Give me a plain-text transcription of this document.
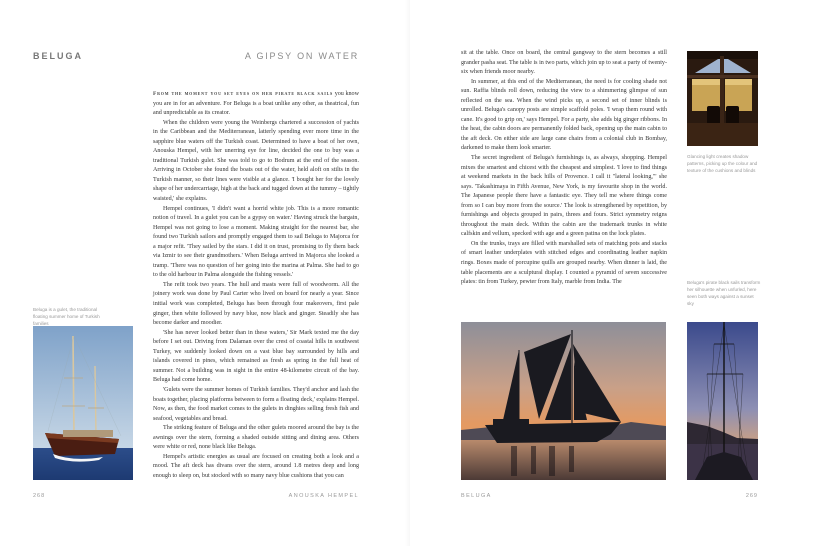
BELUGA	A GIPSY ON WATER
Beluga is a gulet, the traditional floating summer home of Turkish families

From the moment you set eyes on her pirate black sails you know you are in for an adventure. For Beluga is a boat unlike any other, as theatrical, fun and unpredictable as its creator.

When the children were young the Weinbergs chartered a succession of yachts in the Caribbean and the Mediterranean, latterly spending ever more time in the sapphire blue waters off the Turkish coast. Determined to have a boat of her own, Anouska Hempel, with her unerring eye for line, decided the one to buy was a traditional Turkish gulet. She was told to go to Bodrum at the end of the season. Arriving in October she found the boats out of the water, held aloft on stilts in the Turkish manner, so their lines were visible at a glance. 'I bought her for the lovely shape of her undercarriage, high at the back and tugged down at the tummy – tightly waisted,' she explains.

Hempel continues, 'I didn't want a horrid white job. This is a more romantic notion of travel. In a gulet you can be a gypsy on water.' Having struck the bargain, Hempel was not going to lose a moment. Making straight for the nearest bar, she found two Turkish sailors and promptly engaged them to sail Beluga to Majorca for a major refit. 'They sailed by the stars. I did it on trust, promising to fly them back via Izmir to see their grandmothers.' When Beluga arrived in Majorca she looked a tramp. 'There was no question of her going into the marina at Palma. She had to go to the old harbour in Palma alongside the fishing vessels.'

The refit took two years. The hull and masts were full of woodworm. All the joinery work was done by Paul Carter who lived on board for nearly a year. Since initial work was completed, Beluga has been through four makeovers, first pale ginger, then white followed by navy blue, now black and ginger. Steadily she has become darker and moodier.

'She has never looked better than in these waters,' Sir Mark texted me the day before I set out. Driving from Dalaman over the crest of coastal hills in southwest Turkey, we suddenly looked down on a vast blue bay surrounded by hills and islands covered in pines, which remained as fresh as spring in the full heat of summer. Not a building was in sight in the entire 48-kilometre circuit of the bay. Beluga had come home.

'Gulets were the summer homes of Turkish families. They'd anchor and lash the boats together, placing platforms between to form a floating deck,' explains Hempel. Now, as then, the food market comes to the gulets in dinghies selling fresh fish and seafood, vegetables and bread.

The striking feature of Beluga and the other gulets moored around the bay is the awnings over the stern, forming a shaded outside sitting and dining area. Others were white or red, none black like Beluga.

Hempel's artistic energies as usual are focused on creating both a look and a mood. The aft deck has divans over the stern, around 1.8 metres deep and long enough to sleep on, but stocked with so many navy blue cushions that you can

268	ANOUSKA HEMPEL

sit at the table. Once on board, the central gangway to the stern becomes a still grander pasha seat. The table is in two parts, which join up to seat a party of twenty-six when friends moor nearby.

In summer, at this end of the Mediterranean, the need is for cooling shade not sun. Raffia blinds roll down, reducing the view to a shimmering glimpse of sun reflected on the sea. When the wind picks up, a second set of inner blinds is unrolled. Beluga's canopy posts are simple scaffold poles. 'I wrap them round with cane. It's good to grip on,' says Hempel. For a party, she adds big ginger ribbons. In the heat, the cabin doors are permanently folded back, opening up the main cabin to the aft deck. On either side are large cane chairs from a colonial club in Bombay, darkened to make them look smarter.

The secret ingredient of Beluga's furnishings is, as always, shopping. Hempel mixes the smartest and chicest with the cheapest and simplest. 'I love to find things at weekend markets in the back hills of Provence. I call it "lateral looking,"' she says. 'Takashimaya in Fifth Avenue, New York, is my favourite shop in the world. The Japanese people there have a fantastic eye. They tell me where things come from so I can buy more from the source.' The look is strengthened by repetition, by furnishings and objects grouped in pairs, threes and fours. Strict symmetry reigns throughout the main deck. Within the cabin are the trademark trunks in white calfskin and vellum, specked with age and a green patina on the lock plates.

On the trunks, trays are filled with marshalled sets of matching pots and stacks of smart leather underplates with stitched edges and coordinating leather napkin rings. Boxes made of porcupine quills are grouped nearby. When dinner is laid, the table placements are a sculptural display. I counted a pyramid of seven successive plates: tin from Turkey, pewter from Italy, marble from India. The

Glancing light creates shadow patterns, picking up the colour and texture of the cushions and blinds
Beluga's pirate black sails transform her silhouette when unfurled, here seen both ways against a sunset sky
BELUGA	269
